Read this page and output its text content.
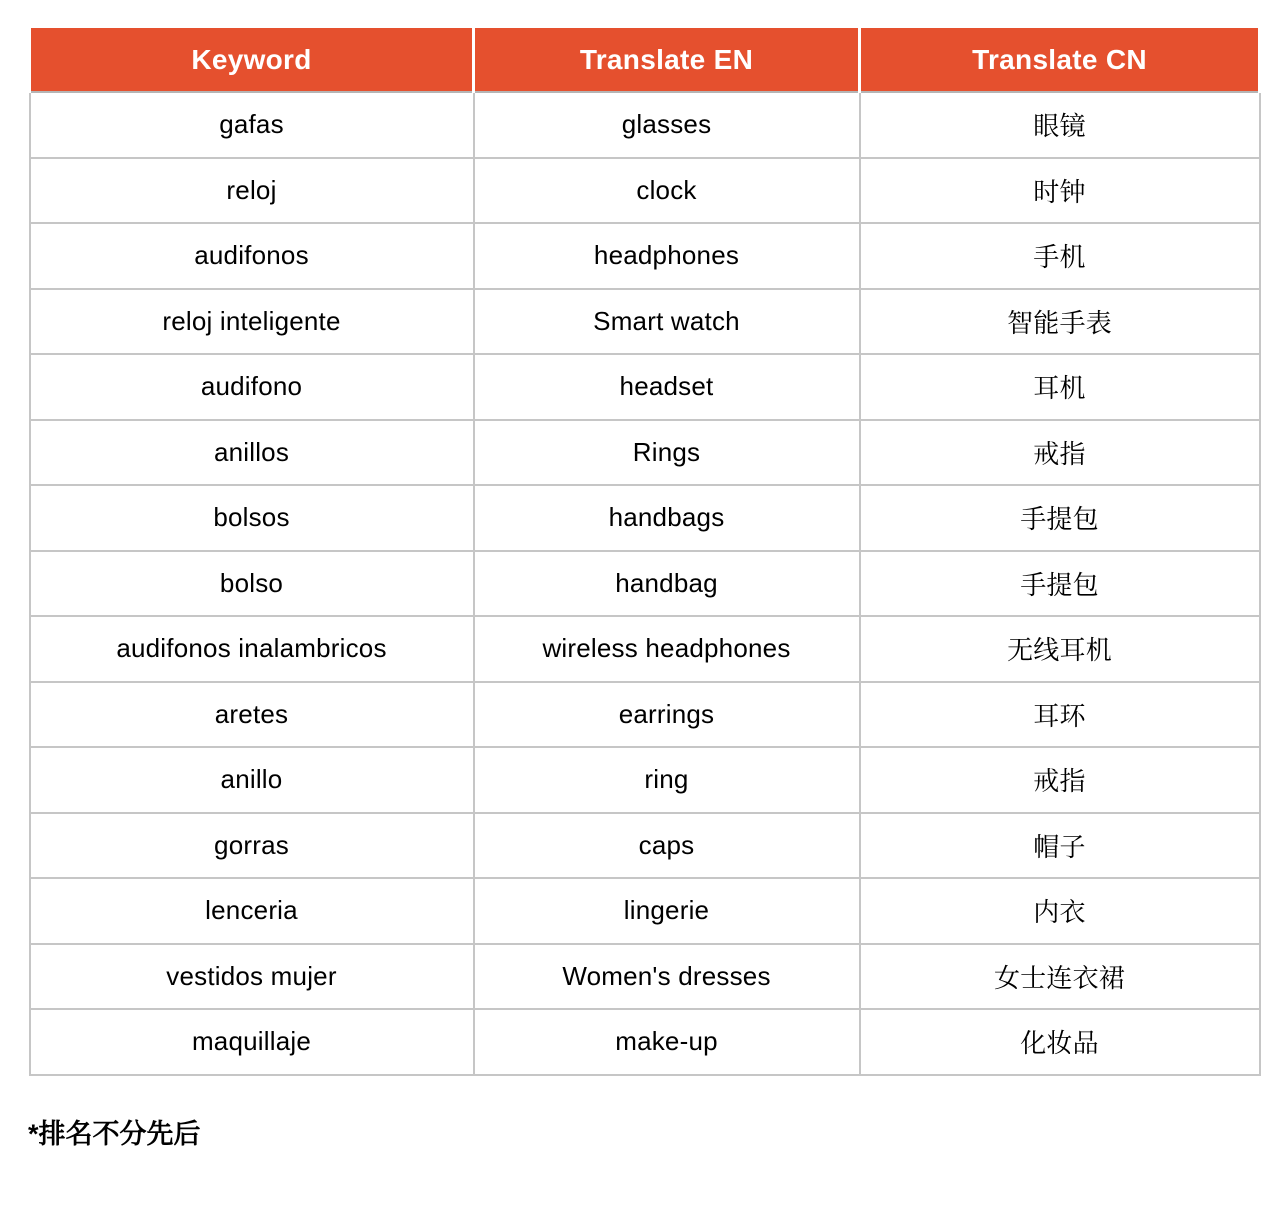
Keyword	Translate EN	Translate CN
gafas	glasses	眼镜
reloj	clock	时钟
audifonos	headphones	手机
reloj inteligente	Smart watch	智能手表
audifono	headset	耳机
anillos	Rings	戒指
bolsos	handbags	手提包
bolso	handbag	手提包
audifonos inalambricos	wireless headphones	无线耳机
aretes	earrings	耳环
anillo	ring	戒指
gorras	caps	帽子
lenceria	lingerie	内衣
vestidos mujer	Women's dresses	女士连衣裙
maquillaje	make-up	化妆品
*排名不分先后
